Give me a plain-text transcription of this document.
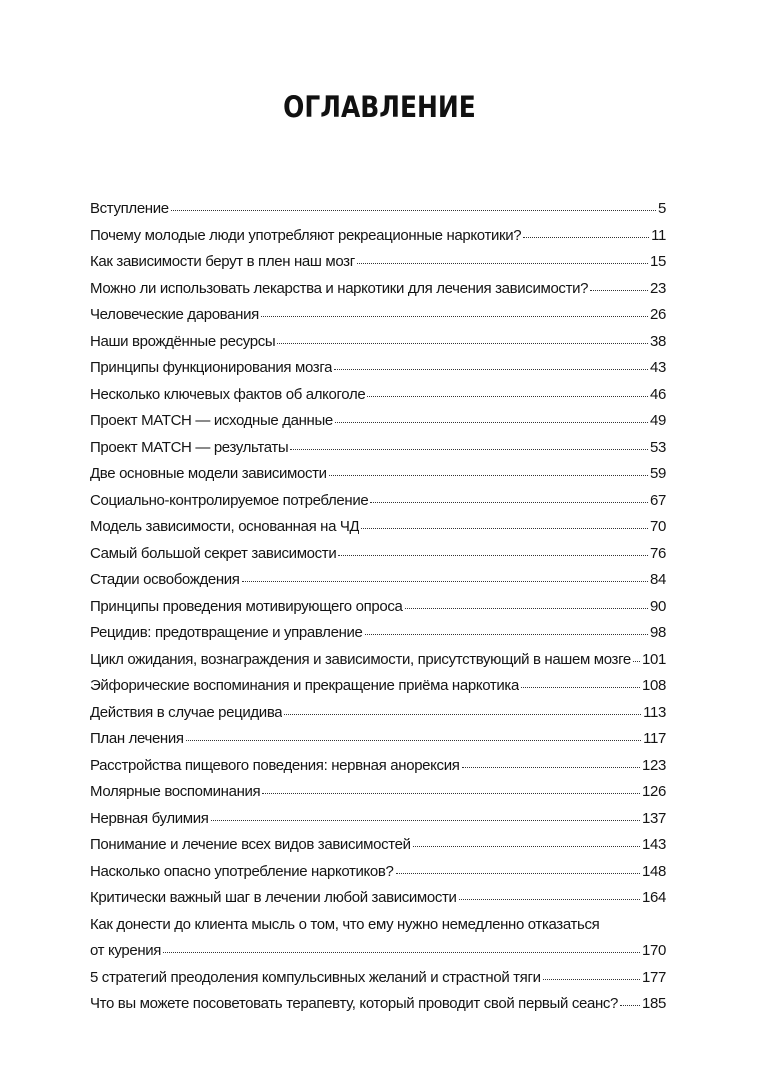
ОГЛАВЛЕНИЕ
Вступление	5
Почему молодые люди употребляют рекреационные наркотики?	11
Как зависимости берут в плен наш мозг	15
Можно ли использовать лекарства и наркотики для лечения зависимости?	23
Человеческие дарования	26
Наши врождённые ресурсы	38
Принципы функционирования мозга	43
Несколько ключевых фактов об алкоголе	46
Проект МАТСН — исходные данные	49
Проект МАТСН — результаты	53
Две основные модели зависимости	59
Социально-контролируемое потребление	67
Модель зависимости, основанная на ЧД	70
Самый большой секрет зависимости	76
Стадии освобождения	84
Принципы проведения мотивирующего опроса	90
Рецидив: предотвращение и управление	98
Цикл ожидания, вознаграждения и зависимости, присутствующий в нашем мозге 101
Эйфорические воспоминания и прекращение приёма наркотика	108
Действия в случае рецидива	113
План лечения	117
Расстройства пищевого поведения: нервная анорексия	123
Молярные воспоминания	126
Нервная булимия	137
Понимание и лечение всех видов зависимостей	143
Насколько опасно употребление наркотиков?	148
Критически важный шаг в лечении любой зависимости	164
Как донести до клиента мысль о том, что ему нужно немедленно отказаться
от курения	170
5 стратегий преодоления компульсивных желаний и страстной тяги	177
Что вы можете посоветовать терапевту, который проводит свой первый сеанс? 185
